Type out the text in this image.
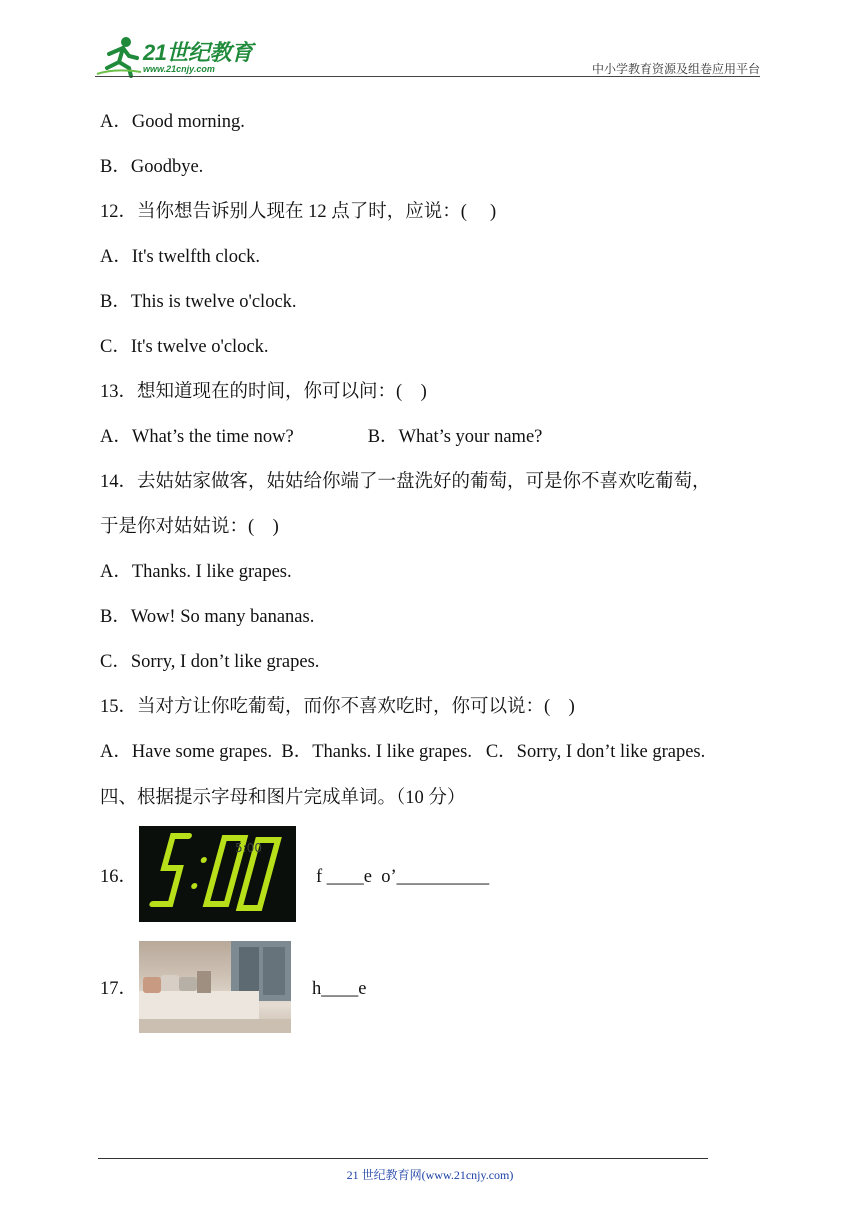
21世纪教育
www.21cnjy.com	中小学教育资源及组卷应用平台
A．Good morning.
B．Goodbye.
12．当你想告诉别人现在 12 点了时，应说：(     )
A．It's twelfth clock.
B．This is twelve o'clock.
C．It's twelve o'clock.
13．想知道现在的时间，你可以问：(    )
A．What’s the time now?                B．What’s your name?
14．去姑姑家做客，姑姑给你端了一盘洗好的葡萄，可是你不喜欢吃葡萄，
于是你对姑姑说：(    )
A．Thanks. I like grapes.
B．Wow! So many bananas.
C．Sorry, I don’t like grapes.
15．当对方让你吃葡萄，而你不喜欢吃时，你可以说：(    )
A．Have some grapes.  B．Thanks. I like grapes.   C．Sorry, I don’t like grapes.
四、根据提示字母和图片完成单词。（10 分）
16．
5:00
f ____e  o’__________
17．	h____e
21 世纪教育网(www.21cnjy.com)
